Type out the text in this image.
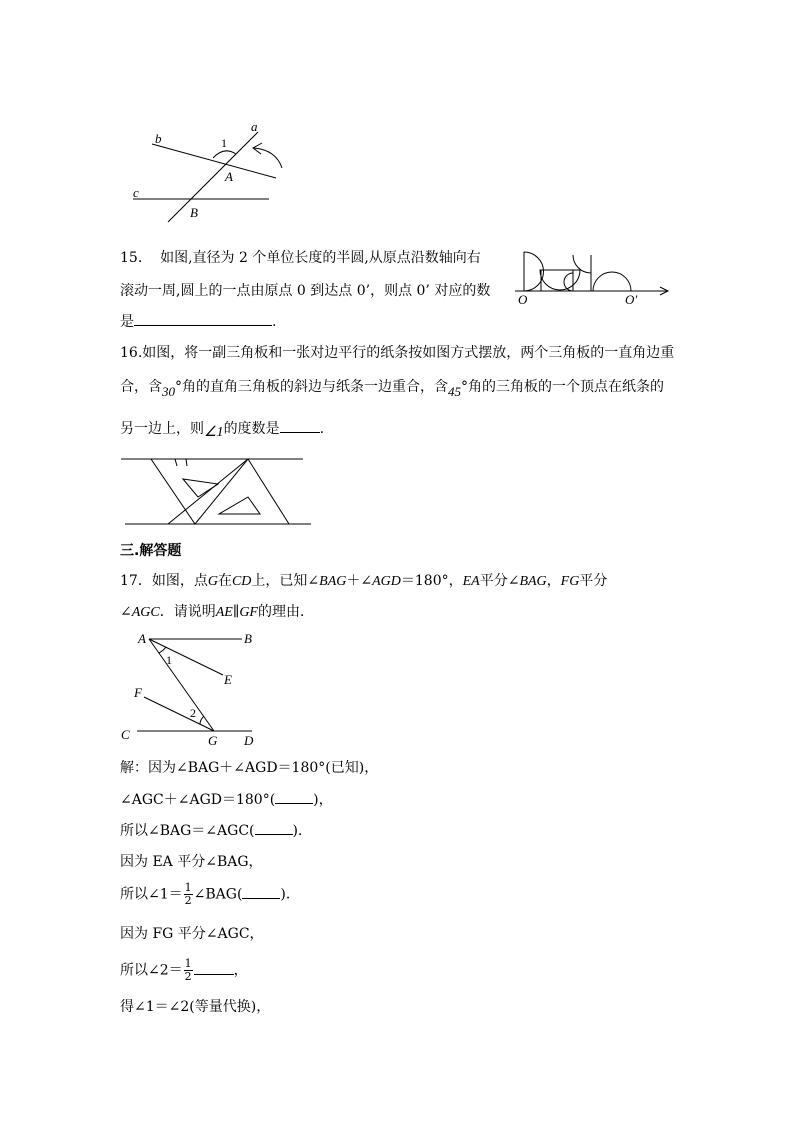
a
b	1
A
c
B
15. 如图,直径为 2 个单位长度的半圆,从原点沿数轴向右
滚动一周,圆上的一点由原点 0 到达点 0’，则点 0’ 对应的数
是	.
O	O′
16.如图，将一副三角板和一张对边平行的纸条按如图方式摆放，两个三角板的一直角边重
合，含30°角的直角三角板的斜边与纸条一边重合，含45°角的三角板的一个顶点在纸条的
另一边上，则∠1的度数是	.
三.解答题
17．如图，点G在CD上，已知∠BAG＋∠AGD＝180°，EA平分∠BAG，FG平分
∠AGC．请说明AE∥GF的理由．
A	B
1
E
F
2
C	G D
解：因为∠BAG＋∠AGD＝180°(已知)，
∠AGC＋∠AGD＝180°(	)，
所以∠BAG＝∠AGC(	)．
因为 EA 平分∠BAG，
所以∠1＝ $\frac{1}{2}$ ∠BAG(	)．
因为 FG 平分∠AGC，
所以∠2＝ $\frac{1}{2}$	，
得∠1＝∠2(等量代换)，
